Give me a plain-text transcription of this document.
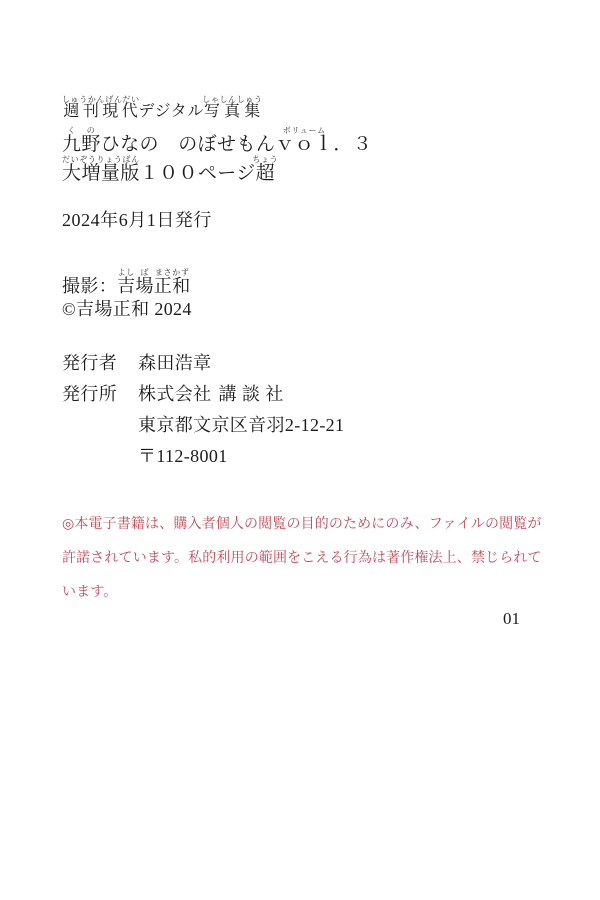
週刊現代しゅうかんげんだいデジタル写真集しゃしんしゅう
九く野のひなの　のぼせもんｖｏｌボリューム．３
大増量版だいぞうりょうばん１００ページ超ちょう
2024年6月1日発行
撮影：吉よし場ば正和まさかず
©吉場正和 2024
発行者 森田浩章
発行所 株式会社 講談社
東京都文京区音羽2-12-21
〒112-8001
◎本電子書籍は、購入者個人の閲覧の目的のためにのみ、ファイルの閲覧が
許諾されています。私的利用の範囲をこえる行為は著作権法上、禁じられて
います。
01
